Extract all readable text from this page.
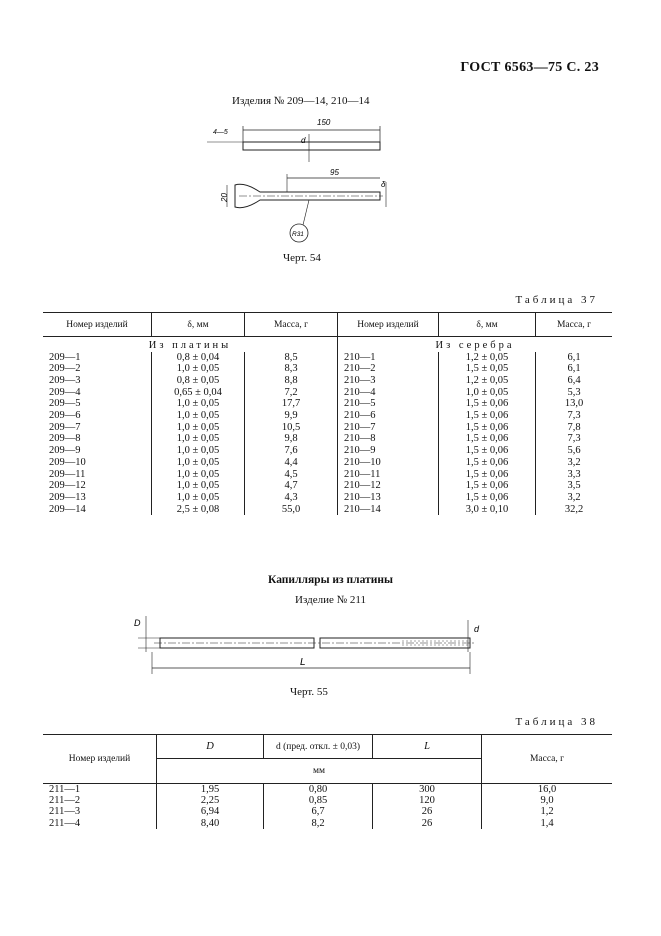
ГОСТ 6563—75 С. 23
Изделия № 209—14, 210—14
150
4—5
d
95
δ
20
R31
Черт. 54
Таблица 37
Номер изделий	δ, мм	Масса, г	Номер изделий	δ, мм	Масса, г
Из платины			Из серебра		
209—1	0,8 ± 0,04	8,5	210—1	1,2 ± 0,05	6,1
209—2	1,0 ± 0,05	8,3	210—2	1,5 ± 0,05	6,1
209—3	0,8 ± 0,05	8,8	210—3	1,2 ± 0,05	6,4
209—4	0,65 ± 0,04	7,2	210—4	1,0 ± 0,05	5,3
209—5	1,0 ± 0,05	17,7	210—5	1,5 ± 0,06	13,0
209—6	1,0 ± 0,05	9,9	210—6	1,5 ± 0,06	7,3
209—7	1,0 ± 0,05	10,5	210—7	1,5 ± 0,06	7,8
209—8	1,0 ± 0,05	9,8	210—8	1,5 ± 0,06	7,3
209—9	1,0 ± 0,05	7,6	210—9	1,5 ± 0,06	5,6
209—10	1,0 ± 0,05	4,4	210—10	1,5 ± 0,06	3,2
209—11	1,0 ± 0,05	4,5	210—11	1,5 ± 0,06	3,3
209—12	1,0 ± 0,05	4,7	210—12	1,5 ± 0,06	3,5
209—13	1,0 ± 0,05	4,3	210—13	1,5 ± 0,06	3,2
209—14	2,5 ± 0,08	55,0	210—14	3,0 ± 0,10	32,2
Капилляры из платины
Изделие № 211
D
d
L
Черт. 55
Таблица 38
Номер изделий	D	d (пред. откл. ± 0,03)	L	Масса, г
	мм			
211—1	1,95	0,80	300	16,0
211—2	2,25	0,85	120	9,0
211—3	6,94	6,7	26	1,2
211—4	8,40	8,2	26	1,4
